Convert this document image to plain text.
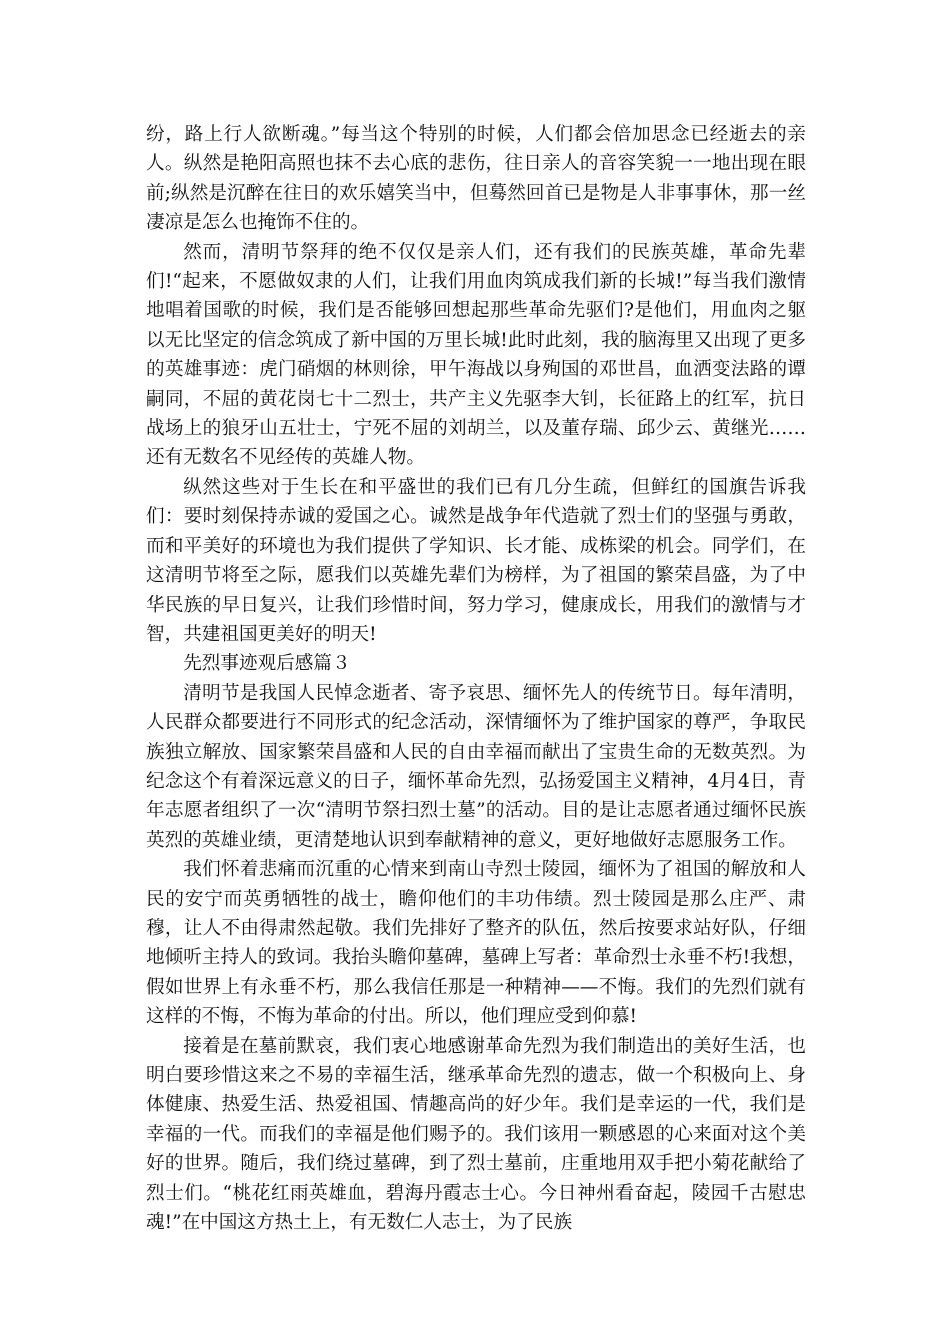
纷，路上行人欲断魂。”每当这个特别的时候，人们都会倍加思念已经逝去的亲人。纵然是艳阳高照也抹不去心底的悲伤，往日亲人的音容笑貌一一地出现在眼前;纵然是沉醉在往日的欢乐嬉笑当中，但蓦然回首已是物是人非事事休，那一丝凄凉是怎么也掩饰不住的。

然而，清明节祭拜的绝不仅仅是亲人们，还有我们的民族英雄，革命先辈们!“起来，不愿做奴隶的人们，让我们用血肉筑成我们新的长城!”每当我们激情地唱着国歌的时候，我们是否能够回想起那些革命先驱们?是他们，用血肉之躯以无比坚定的信念筑成了新中国的万里长城!此时此刻，我的脑海里又出现了更多的英雄事迹：虎门硝烟的林则徐，甲午海战以身殉国的邓世昌，血洒变法路的谭嗣同，不屈的黄花岗七十二烈士，共产主义先驱李大钊，长征路上的红军，抗日战场上的狼牙山五壮士，宁死不屈的刘胡兰，以及董存瑞、邱少云、黄继光……还有无数名不见经传的英雄人物。

纵然这些对于生长在和平盛世的我们已有几分生疏，但鲜红的国旗告诉我们：要时刻保持赤诚的爱国之心。诚然是战争年代造就了烈士们的坚强与勇敢，而和平美好的环境也为我们提供了学知识、长才能、成栋梁的机会。同学们，在这清明节将至之际，愿我们以英雄先辈们为榜样，为了祖国的繁荣昌盛，为了中华民族的早日复兴，让我们珍惜时间，努力学习，健康成长，用我们的激情与才智，共建祖国更美好的明天!

先烈事迹观后感篇３

清明节是我国人民悼念逝者、寄予哀思、缅怀先人的传统节日。每年清明，人民群众都要进行不同形式的纪念活动，深情缅怀为了维护国家的尊严，争取民族独立解放、国家繁荣昌盛和人民的自由幸福而献出了宝贵生命的无数英烈。为纪念这个有着深远意义的日子，缅怀革命先烈，弘扬爱国主义精神，4月4日，青年志愿者组织了一次“清明节祭扫烈士墓”的活动。目的是让志愿者通过缅怀民族英烈的英雄业绩，更清楚地认识到奉献精神的意义，更好地做好志愿服务工作。

我们怀着悲痛而沉重的心情来到南山寺烈士陵园，缅怀为了祖国的解放和人民的安宁而英勇牺牲的战士，瞻仰他们的丰功伟绩。烈士陵园是那么庄严、肃穆，让人不由得肃然起敬。我们先排好了整齐的队伍，然后按要求站好队，仔细地倾听主持人的致词。我抬头瞻仰墓碑，墓碑上写者：革命烈士永垂不朽!我想，假如世界上有永垂不朽，那么我信任那是一种精神——不悔。我们的先烈们就有这样的不悔，不悔为革命的付出。所以，他们理应受到仰慕!

接着是在墓前默哀，我们衷心地感谢革命先烈为我们制造出的美好生活，也明白要珍惜这来之不易的幸福生活，继承革命先烈的遗志，做一个积极向上、身体健康、热爱生活、热爱祖国、情趣高尚的好少年。我们是幸运的一代，我们是幸福的一代。而我们的幸福是他们赐予的。我们该用一颗感恩的心来面对这个美好的世界。随后，我们绕过墓碑，到了烈士墓前，庄重地用双手把小菊花献给了烈士们。“桃花红雨英雄血，碧海丹霞志士心。今日神州看奋起，陵园千古慰忠魂!”在中国这方热土上，有无数仁人志士，为了民族
